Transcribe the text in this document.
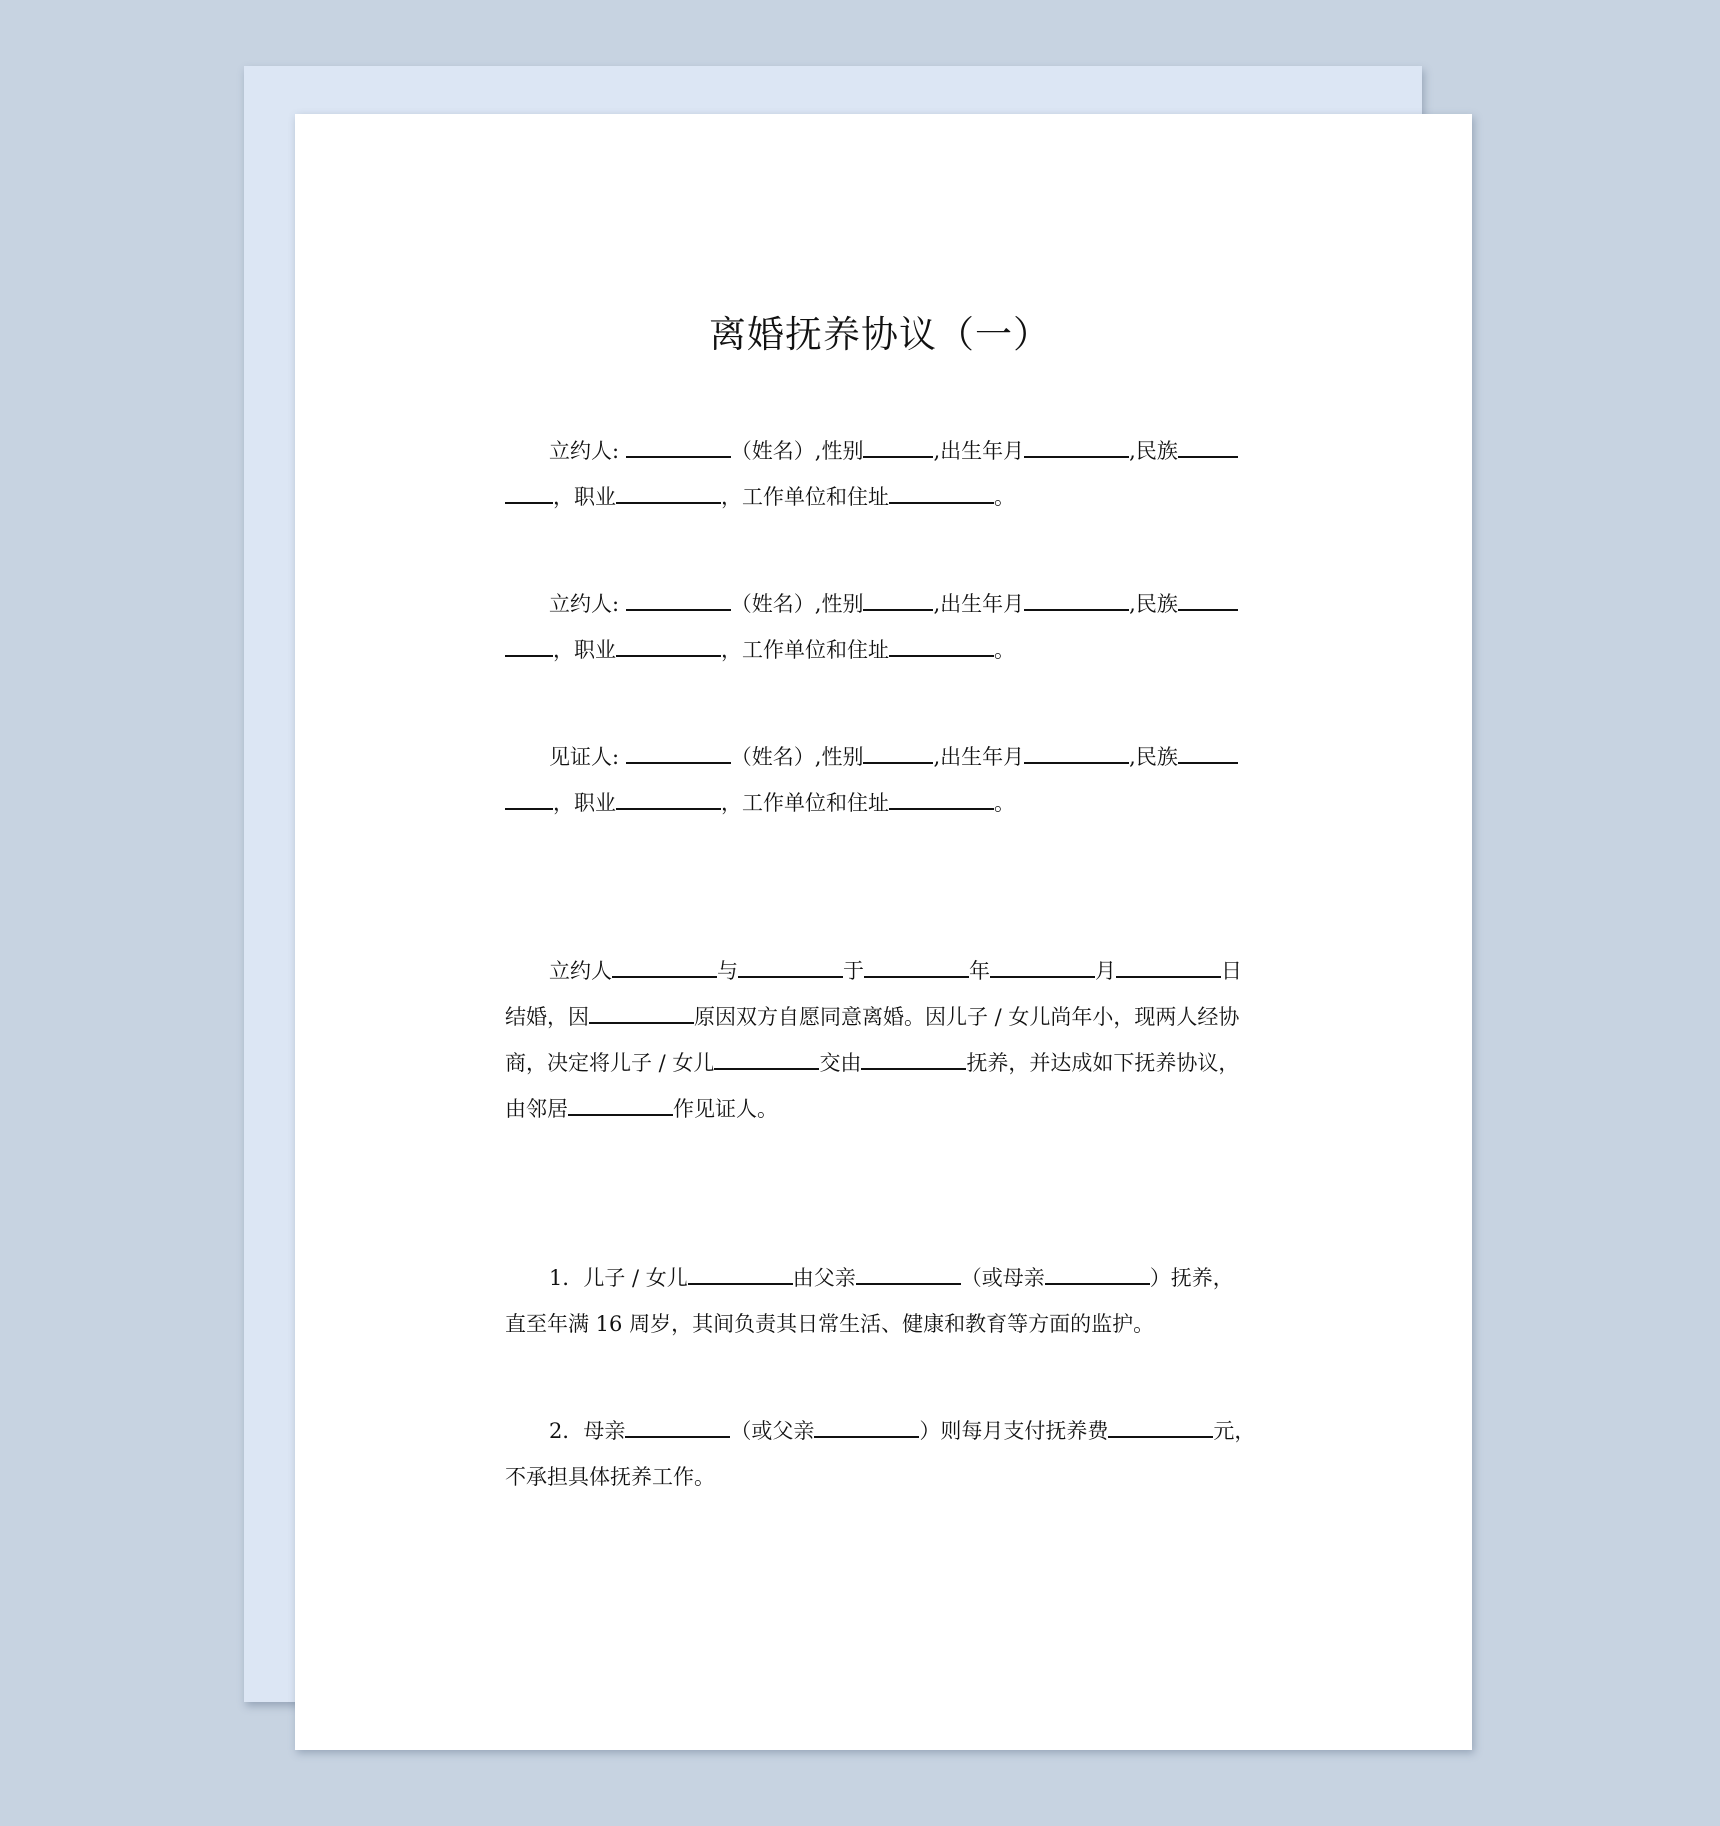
离婚抚养协议（一）
立约人:	（姓名）,性别	,出生年月	,民族
，职业	，工作单位和住址	。
立约人:	（姓名）,性别	,出生年月	,民族
，职业	，工作单位和住址	。
见证人:	（姓名）,性别	,出生年月	,民族
，职业	，工作单位和住址	。
立约人	与	于	年	月	日
结婚，因	原因双方自愿同意离婚。因儿子 / 女儿尚年小，现两人经协
商，决定将儿子 / 女儿	交由	抚养，并达成如下抚养协议，
由邻居	作见证人。
1．儿子 / 女儿	由父亲	（或母亲	）抚养，
直至年满 16 周岁，其间负责其日常生活、健康和教育等方面的监护。
2．母亲	（或父亲	）则每月支付抚养费	元，
不承担具体抚养工作。
